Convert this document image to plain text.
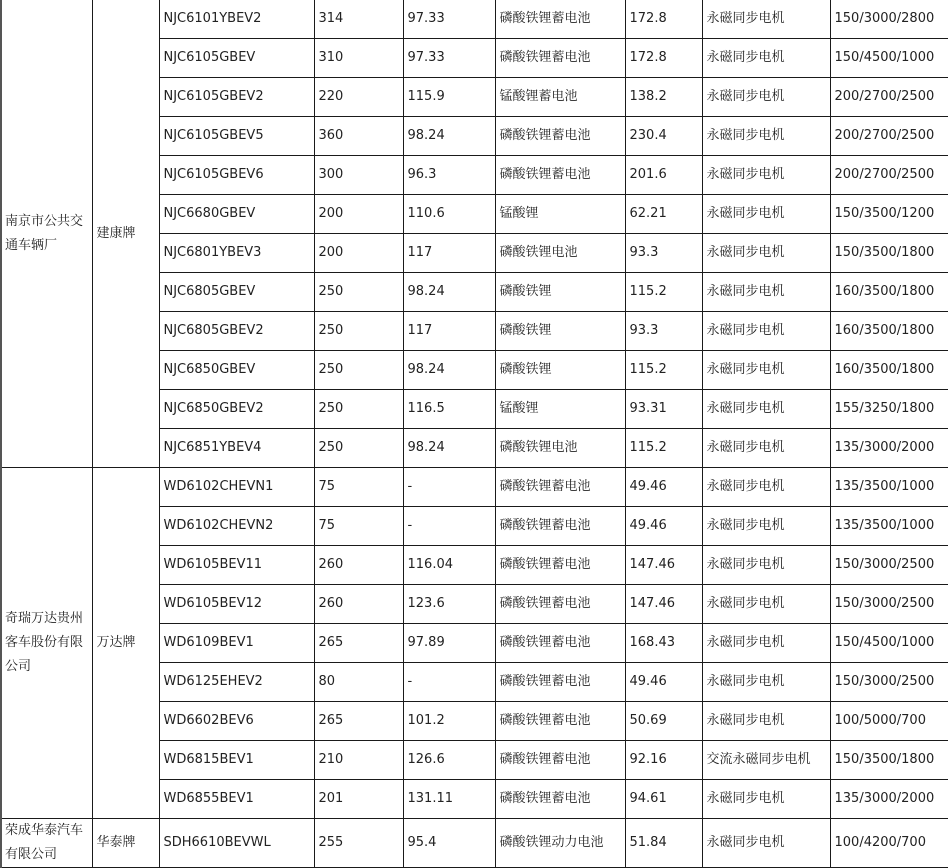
南京市公共交通车辆厂	建康牌	NJC6101YBEV2	314	97.33	磷酸铁锂蓄电池	172.8	永磁同步电机	150/3000/2800
		NJC6105GBEV	310	97.33	磷酸铁锂蓄电池	172.8	永磁同步电机	150/4500/1000
		NJC6105GBEV2	220	115.9	锰酸锂蓄电池	138.2	永磁同步电机	200/2700/2500
		NJC6105GBEV5	360	98.24	磷酸铁锂蓄电池	230.4	永磁同步电机	200/2700/2500
		NJC6105GBEV6	300	96.3	磷酸铁锂蓄电池	201.6	永磁同步电机	200/2700/2500
		NJC6680GBEV	200	110.6	锰酸锂	62.21	永磁同步电机	150/3500/1200
		NJC6801YBEV3	200	117	磷酸铁锂电池	93.3	永磁同步电机	150/3500/1800
		NJC6805GBEV	250	98.24	磷酸铁锂	115.2	永磁同步电机	160/3500/1800
		NJC6805GBEV2	250	117	磷酸铁锂	93.3	永磁同步电机	160/3500/1800
		NJC6850GBEV	250	98.24	磷酸铁锂	115.2	永磁同步电机	160/3500/1800
		NJC6850GBEV2	250	116.5	锰酸锂	93.31	永磁同步电机	155/3250/1800
		NJC6851YBEV4	250	98.24	磷酸铁锂电池	115.2	永磁同步电机	135/3000/2000
奇瑞万达贵州客车股份有限公司	万达牌	WD6102CHEVN1	75	-	磷酸铁锂蓄电池	49.46	永磁同步电机	135/3500/1000
		WD6102CHEVN2	75	-	磷酸铁锂蓄电池	49.46	永磁同步电机	135/3500/1000
		WD6105BEV11	260	116.04	磷酸铁锂蓄电池	147.46	永磁同步电机	150/3000/2500
		WD6105BEV12	260	123.6	磷酸铁锂蓄电池	147.46	永磁同步电机	150/3000/2500
		WD6109BEV1	265	97.89	磷酸铁锂蓄电池	168.43	永磁同步电机	150/4500/1000
		WD6125EHEV2	80	-	磷酸铁锂蓄电池	49.46	永磁同步电机	150/3000/2500
		WD6602BEV6	265	101.2	磷酸铁锂蓄电池	50.69	永磁同步电机	100/5000/700
		WD6815BEV1	210	126.6	磷酸铁锂蓄电池	92.16	交流永磁同步电机	150/3500/1800
		WD6855BEV1	201	131.11	磷酸铁锂蓄电池	94.61	永磁同步电机	135/3000/2000
荣成华泰汽车有限公司	华泰牌	SDH6610BEVWL	255	95.4	磷酸铁锂动力电池	51.84	永磁同步电机	100/4200/700
